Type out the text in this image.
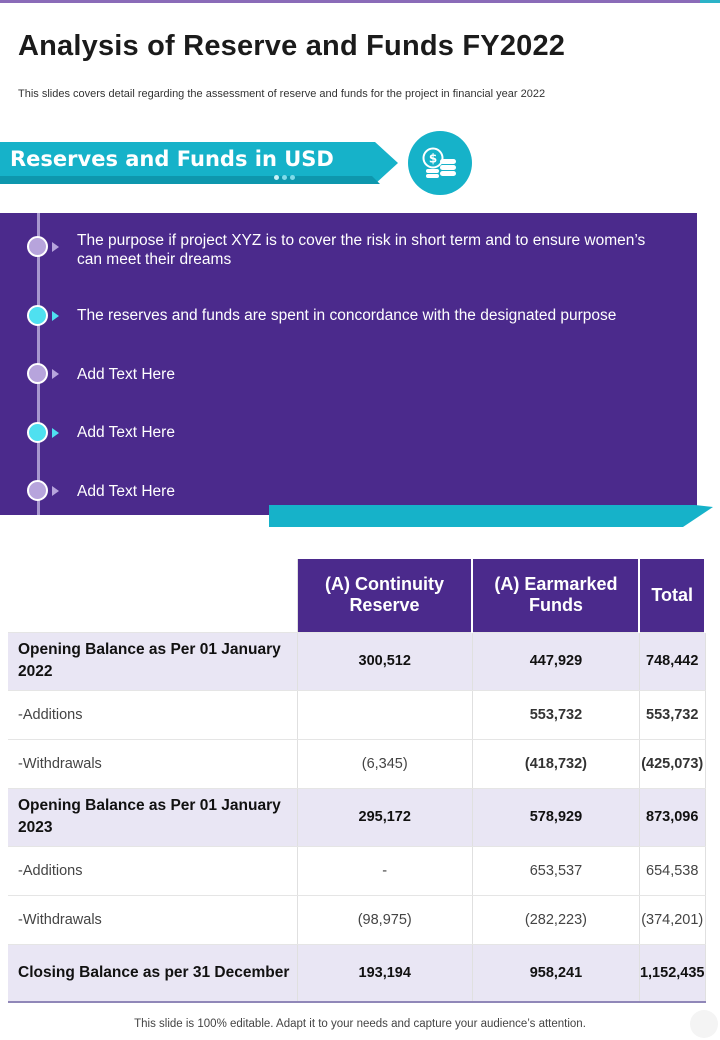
Analysis of Reserve and Funds FY2022

This slides covers detail regarding the assessment of reserve and funds for the project in financial year 2022

Reserves and Funds in USD	$
The purpose if project XYZ is to cover the risk in short term and to ensure women’s can meet their dreams
The reserves and funds are spent in concordance with the designated purpose
Add Text Here
Add Text Here
Add Text Here
	(A) Continuity Reserve	(A) Earmarked Funds	Total
Opening Balance as Per 01 January 2022	300,512	447,929	748,442
-Additions		553,732	553,732
-Withdrawals	(6,345)	(418,732)	(425,073)
Opening Balance as Per 01 January 2023	295,172	578,929	873,096
-Additions	-	653,537	654,538
-Withdrawals	(98,975)	(282,223)	(374,201)
Closing Balance as per 31 December	193,194	958,241	1,152,435
This slide is 100% editable. Adapt it to your needs and capture your audience’s attention.
